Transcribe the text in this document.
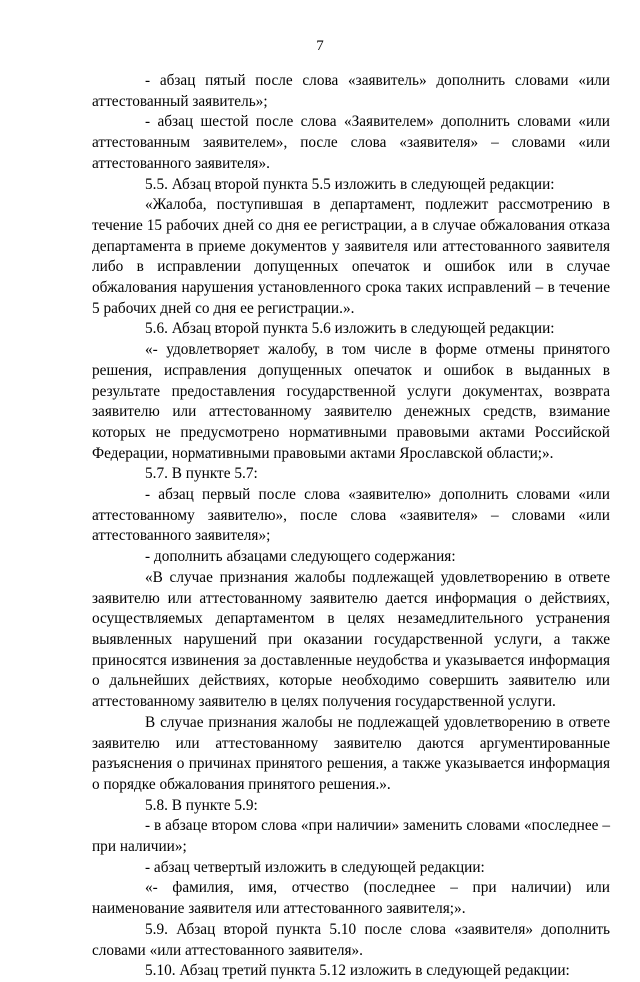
7

- абзац пятый после слова «заявитель» дополнить словами «или аттестованный заявитель»;

- абзац шестой после слова «Заявителем» дополнить словами «или аттестованным заявителем», после слова «заявителя» – словами «или аттестованного заявителя».

5.5. Абзац второй пункта 5.5 изложить в следующей редакции:

«Жалоба, поступившая в департамент, подлежит рассмотрению в течение 15 рабочих дней со дня ее регистрации, а в случае обжалования отказа департамента в приеме документов у заявителя или аттестованного заявителя либо в исправлении допущенных опечаток и ошибок или в случае обжалования нарушения установленного срока таких исправлений – в течение 5 рабочих дней со дня ее регистрации.».

5.6. Абзац второй пункта 5.6 изложить в следующей редакции:

«- удовлетворяет жалобу, в том числе в форме отмены принятого решения, исправления допущенных опечаток и ошибок в выданных в результате предоставления государственной услуги документах, возврата заявителю или аттестованному заявителю денежных средств, взимание которых не предусмотрено нормативными правовыми актами Российской Федерации, нормативными правовыми актами Ярославской области;».

5.7. В пункте 5.7:

- абзац первый после слова «заявителю» дополнить словами «или аттестованному заявителю», после слова «заявителя» – словами «или аттестованного заявителя»;

- дополнить абзацами следующего содержания:

«В случае признания жалобы подлежащей удовлетворению в ответе заявителю или аттестованному заявителю дается информация о действиях, осуществляемых департаментом в целях незамедлительного устранения выявленных нарушений при оказании государственной услуги, а также приносятся извинения за доставленные неудобства и указывается информация о дальнейших действиях, которые необходимо совершить заявителю или аттестованному заявителю в целях получения государственной услуги.

В случае признания жалобы не подлежащей удовлетворению в ответе заявителю или аттестованному заявителю даются аргументированные разъяснения о причинах принятого решения, а также указывается информация о порядке обжалования принятого решения.».

5.8. В пункте 5.9:

- в абзаце втором слова «при наличии» заменить словами «последнее – при наличии»;

- абзац четвертый изложить в следующей редакции:

«- фамилия, имя, отчество (последнее – при наличии) или наименование заявителя или аттестованного заявителя;».

5.9. Абзац второй пункта 5.10 после слова «заявителя» дополнить словами «или аттестованного заявителя».

5.10. Абзац третий пункта 5.12 изложить в следующей редакции:
